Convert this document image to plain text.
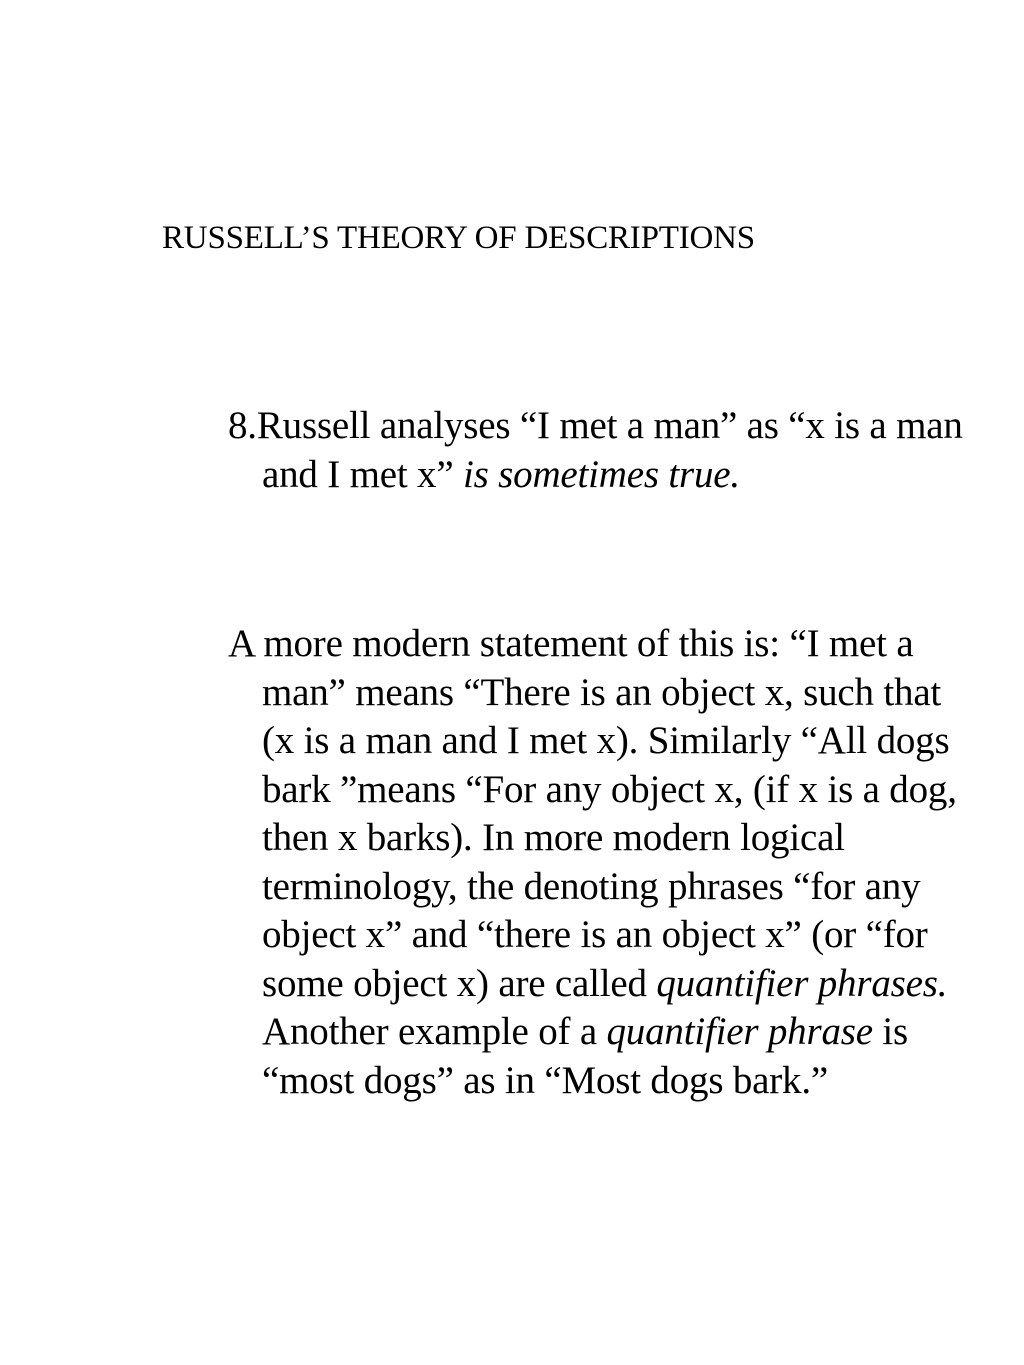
RUSSELL’S THEORY OF DESCRIPTIONS
8.Russell analyses “I met a man” as “x is a man and I met x” is sometimes true.
A more modern statement of this is: “I met a man” means “There is an object x, such that (x is a man and I met x). Similarly “All dogs bark ”means “For any object x, (if x is a dog, then x barks). In more modern logical terminology, the denoting phrases “for any object x” and “there is an object x” (or “for some object x) are called quantifier phrases. Another example of a quantifier phrase is “most dogs” as in “Most dogs bark.”
